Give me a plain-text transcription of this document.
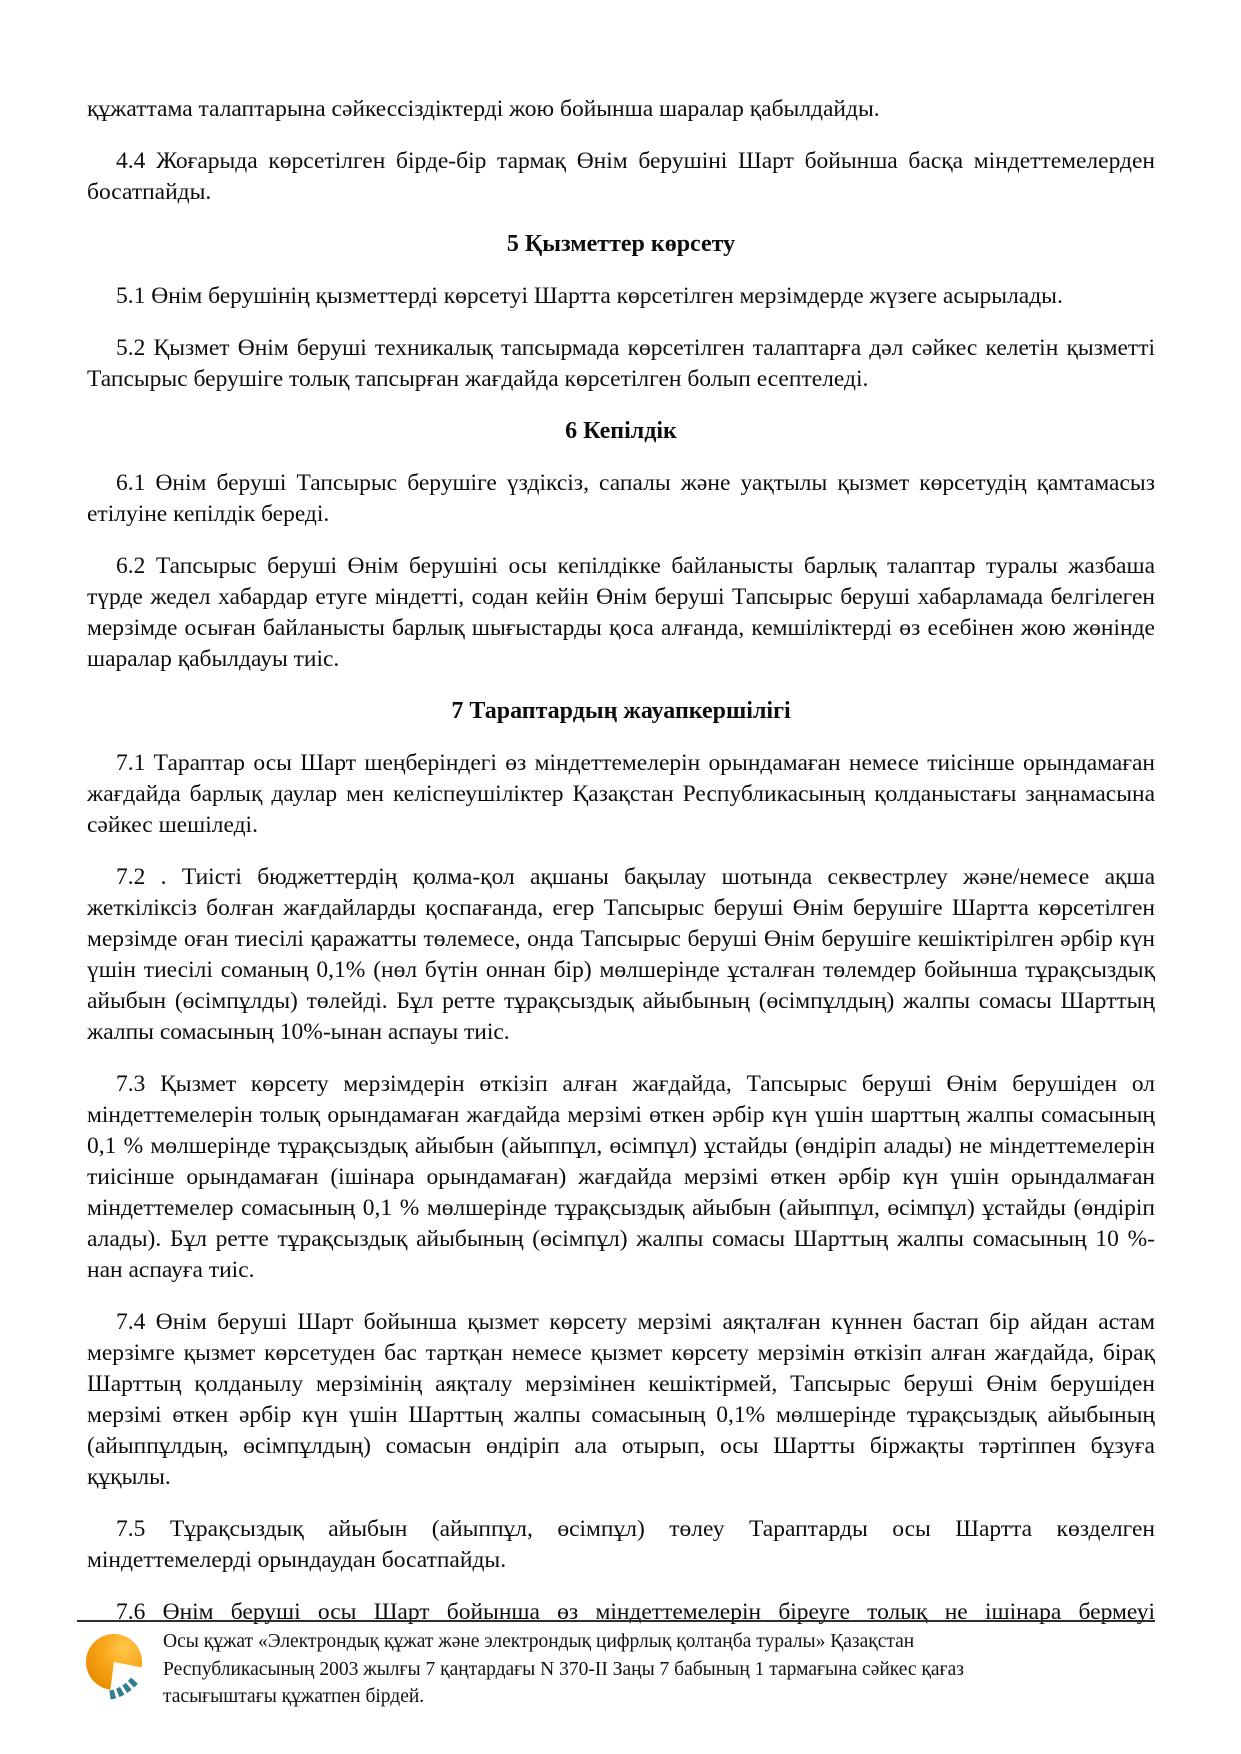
құжаттама талаптарына сәйкессіздіктерді жою бойынша шаралар қабылдайды.

4.4 Жоғарыда көрсетілген бірде-бір тармақ Өнім берушіні Шарт бойынша басқа міндеттемелерден босатпайды.

5 Қызметтер көрсету

5.1 Өнім берушінің қызметтерді көрсетуі Шартта көрсетілген мерзімдерде жүзеге асырылады.

5.2 Қызмет Өнім беруші техникалық тапсырмада көрсетілген талаптарға дәл сәйкес келетін қызметті Тапсырыс берушіге толық тапсырған жағдайда көрсетілген болып есептеледі.

6 Кепілдік

6.1 Өнім беруші Тапсырыс берушіге үздіксіз, сапалы және уақтылы қызмет көрсетудің қамтамасыз етілуіне кепілдік береді.

6.2 Тапсырыс беруші Өнім берушіні осы кепілдікке байланысты барлық талаптар туралы жазбаша түрде жедел хабардар етуге міндетті, содан кейін Өнім беруші Тапсырыс беруші хабарламада белгілеген мерзімде осыған байланысты барлық шығыстарды қоса алғанда, кемшіліктерді өз есебінен жою жөнінде шаралар қабылдауы тиіс.

7 Тараптардың жауапкершілігі

7.1 Тараптар осы Шарт шеңберіндегі өз міндеттемелерін орындамаған немесе тиісінше орындамаған жағдайда барлық даулар мен келіспеушіліктер Қазақстан Республикасының қолданыстағы заңнамасына сәйкес шешіледі.

7.2 . Тиісті бюджеттердің қолма-қол ақшаны бақылау шотында секвестрлеу және/немесе ақша жеткіліксіз болған жағдайларды қоспағанда, егер Тапсырыс беруші Өнім берушіге Шартта көрсетілген мерзімде оған тиесілі қаражатты төлемесе, онда Тапсырыс беруші Өнім берушіге кешіктірілген әрбір күн үшін тиесілі соманың 0,1% (нөл бүтін оннан бір) мөлшерінде ұсталған төлемдер бойынша тұрақсыздық айыбын (өсімпұлды) төлейді. Бұл ретте тұрақсыздық айыбының (өсімпұлдың) жалпы сомасы Шарттың жалпы сомасының 10%-ынан аспауы тиіс.

7.3 Қызмет көрсету мерзімдерін өткізіп алған жағдайда, Тапсырыс беруші Өнім берушіден ол міндеттемелерін толық орындамаған жағдайда мерзімі өткен әрбір күн үшін шарттың жалпы сомасының 0,1 % мөлшерінде тұрақсыздық айыбын (айыппұл, өсімпұл) ұстайды (өндіріп алады) не міндеттемелерін тиісінше орындамаған (ішінара орындамаған) жағдайда мерзімі өткен әрбір күн үшін орындалмаған міндеттемелер сомасының 0,1 % мөлшерінде тұрақсыздық айыбын (айыппұл, өсімпұл) ұстайды (өндіріп алады). Бұл ретте тұрақсыздық айыбының (өсімпұл) жалпы сомасы Шарттың жалпы сомасының 10 %-нан аспауға тиіс.

7.4 Өнім беруші Шарт бойынша қызмет көрсету мерзімі аяқталған күннен бастап бір айдан астам мерзімге қызмет көрсетуден бас тартқан немесе қызмет көрсету мерзімін өткізіп алған жағдайда, бірақ Шарттың қолданылу мерзімінің аяқталу мерзімінен кешіктірмей, Тапсырыс беруші Өнім берушіден мерзімі өткен әрбір күн үшін Шарттың жалпы сомасының 0,1% мөлшерінде тұрақсыздық айыбының (айыппұлдың, өсімпұлдың) сомасын өндіріп ала отырып, осы Шартты біржақты тәртіппен бұзуға құқылы.

7.5 Тұрақсыздық айыбын (айыппұл, өсімпұл) төлеу Тараптарды осы Шартта көзделген міндеттемелерді орындаудан босатпайды.

7.6 Өнім беруші осы Шарт бойынша өз міндеттемелерін біреуге толық не ішінара бермеуі

Осы құжат «Электрондық құжат және электрондық цифрлық қолтаңба туралы» Қазақстан Республикасының 2003 жылғы 7 қаңтардағы N 370-II Заңы 7 бабының 1 тармағына сәйкес қағаз тасығыштағы құжатпен бірдей.
